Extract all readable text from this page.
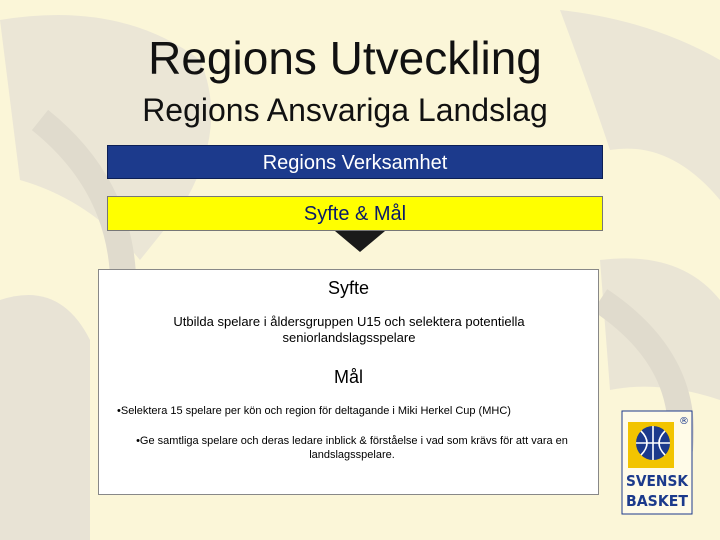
Regions Utveckling
Regions Ansvariga Landslag
Regions Verksamhet
Syfte & Mål
Syfte
Utbilda spelare i åldersgruppen U15 och selektera potentiella seniorlandslagsspelare
Mål
•Selektera 15 spelare per kön och region för deltagande i Miki Herkel Cup (MHC)
•Ge samtliga spelare och deras ledare inblick & förståelse i vad som krävs för att vara en landslagsspelare.
®
SVENSK
BASKET
